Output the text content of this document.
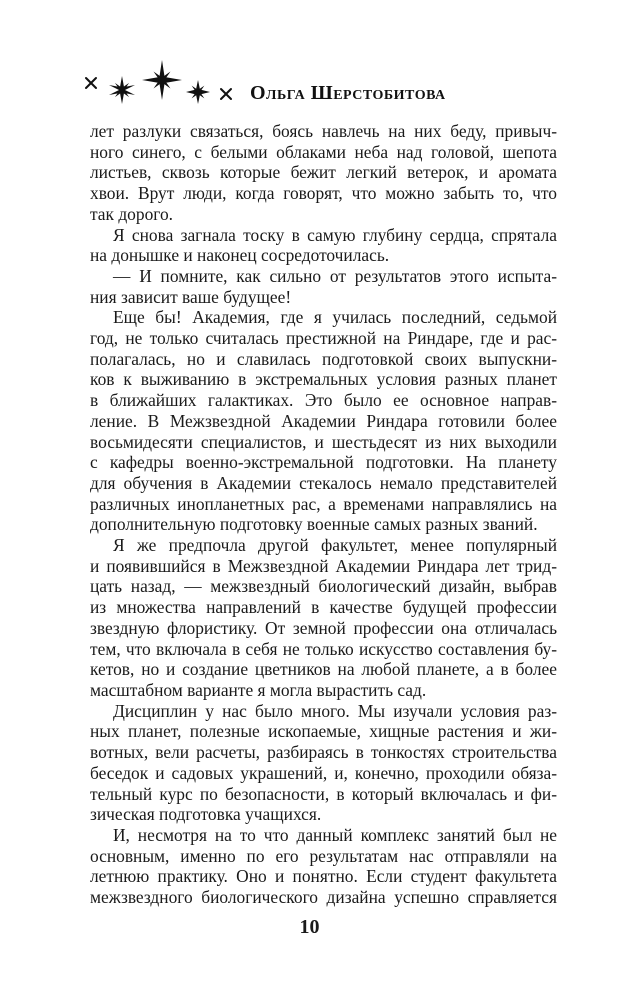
Ольга Шерстобитова
лет разлуки связаться, боясь навлечь на них беду, привыч-
ного синего, с белыми облаками неба над головой, шепота
листьев, сквозь которые бежит легкий ветерок, и аромата
хвои. Врут люди, когда говорят, что можно забыть то, что
так дорого.
Я снова загнала тоску в самую глубину сердца, спрятала
на донышке и наконец сосредоточилась.
— И помните, как сильно от результатов этого испыта-
ния зависит ваше будущее!
Еще бы! Академия, где я училась последний, седьмой
год, не только считалась престижной на Риндаре, где и рас-
полагалась, но и славилась подготовкой своих выпускни-
ков к выживанию в экстремальных условия разных планет
в ближайших галактиках. Это было ее основное направ-
ление. В Межзвездной Академии Риндара готовили более
восьмидесяти специалистов, и шестьдесят из них выходили
с кафедры военно-экстремальной подготовки. На планету
для обучения в Академии стекалось немало представителей
различных инопланетных рас, а временами направлялись на
дополнительную подготовку военные самых разных званий.
Я же предпочла другой факультет, менее популярный
и появившийся в Межзвездной Академии Риндара лет трид-
цать назад, — межзвездный биологический дизайн, выбрав
из множества направлений в качестве будущей профессии
звездную флористику. От земной профессии она отличалась
тем, что включала в себя не только искусство составления бу-
кетов, но и создание цветников на любой планете, а в более
масштабном варианте я могла вырастить сад.
Дисциплин у нас было много. Мы изучали условия раз-
ных планет, полезные ископаемые, хищные растения и жи-
вотных, вели расчеты, разбираясь в тонкостях строительства
беседок и садовых украшений, и, конечно, проходили обяза-
тельный курс по безопасности, в который включалась и фи-
зическая подготовка учащихся.
И, несмотря на то что данный комплекс занятий был не
основным, именно по его результатам нас отправляли на
летнюю практику. Оно и понятно. Если студент факультета
межзвездного биологического дизайна успешно справляется
10
